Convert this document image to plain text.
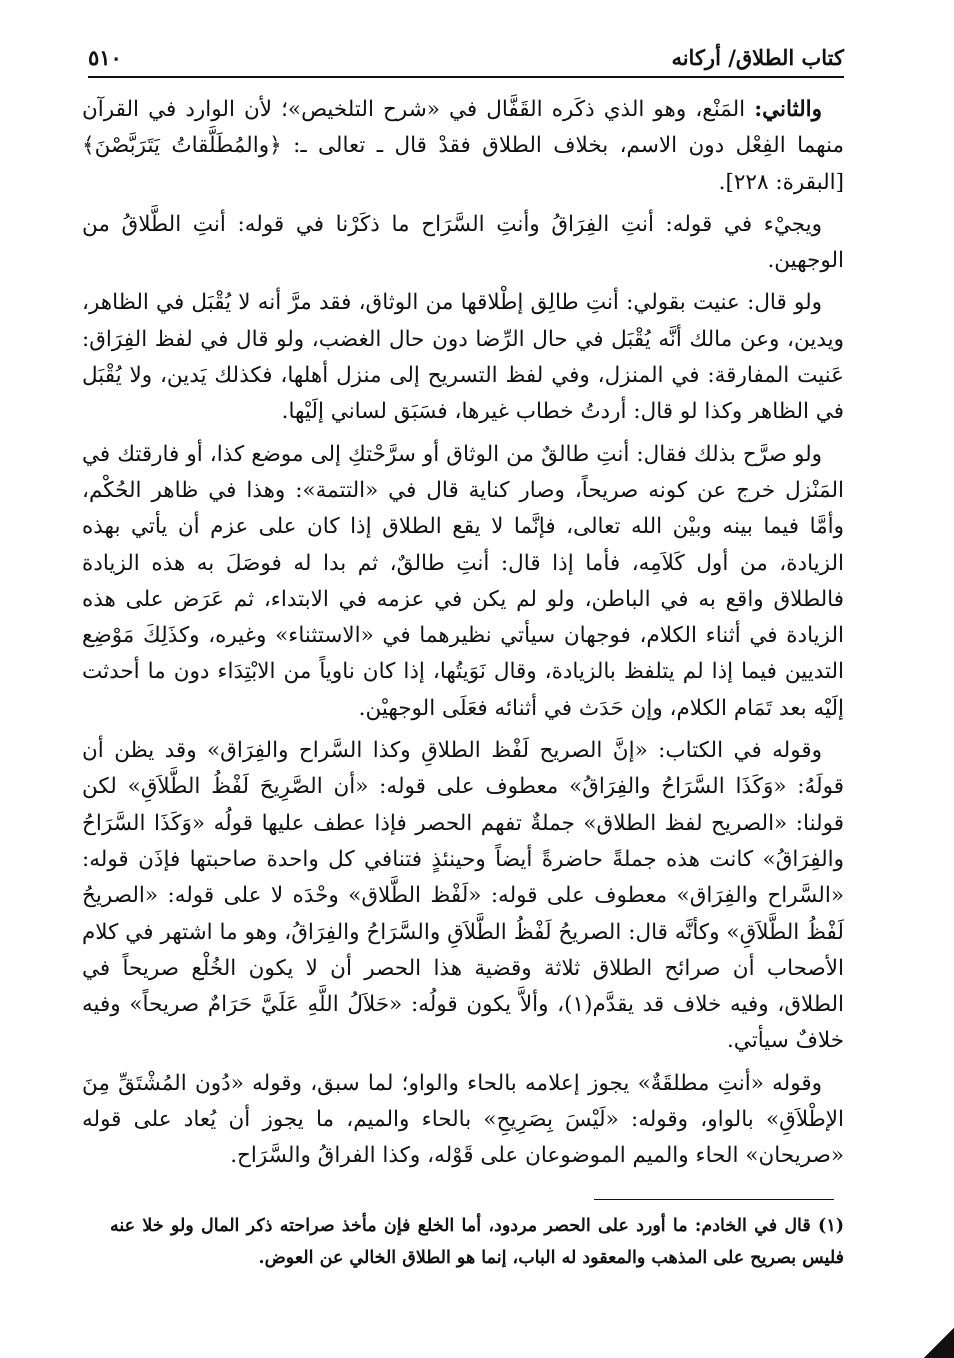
كتاب الطلاق/ أركانه
٥١٠

والثاني: المَنْع، وهو الذي ذكَره القَفَّال في «شرح التلخيص»؛ لأن الوارد في القرآن منهما الفِعْل دون الاسم، بخلاف الطلاق فقدْ قال ـ تعالى ـ: ﴿والمُطَلَّقاتُ يَتَرَبَّصْنَ﴾ [البقرة: ٢٢٨].

ويجيْء في قوله: أنتِ الفِرَاقُ وأنتِ السَّرَاح ما ذكَرْنا في قوله: أنتِ الطَّلاقُ من الوجهين.

ولو قال: عنيت بقولي: أنتِ طالِق إطْلاقها من الوثاق، فقد مرَّ أنه لا يُقْبَل في الظاهر، ويدين، وعن مالك أنَّه يُقْبَل في حال الرِّضا دون حال الغضب، ولو قال في لفظ الفِرَاق: عَنيت المفارقة: في المنزل، وفي لفظ التسريح إلى منزل أهلها، فكذلك يَدين، ولا يُقْبَل في الظاهر وكذا لو قال: أردتُ خطاب غيرها، فسَبَق لساني إلَيْها.

ولو صرَّح بذلك فقال: أنتِ طالقٌ من الوثاق أو سرَّحْتكِ إلى موضع كذا، أو فارقتك في المَنْزل خرج عن كونه صريحاً، وصار كناية قال في «التتمة»: وهذا في ظاهر الحُكْم، وأمَّا فيما بينه وبيْن الله تعالى، فإنَّما لا يقع الطلاق إذا كان على عزم أن يأتي بهذه الزيادة، من أول كَلاَمِه، فأما إذا قال: أنتِ طالقٌ، ثم بدا له فوصَلَ به هذه الزيادة فالطلاق واقع به في الباطن، ولو لم يكن في عزمه في الابتداء، ثم عَرَض على هذه الزيادة في أثناء الكلام، فوجهان سيأتي نظيرهما في «الاستثناء» وغيره، وكذَلِكَ مَوْضِع التديين فيما إذا لم يتلفظ بالزيادة، وقال نَوَيتُها، إذا كان ناوياً من الابْتِدَاء دون ما أحدثت إلَيْه بعد تَمَام الكلام، وإن حَدَث في أثنائه فعَلَى الوجهيْن.

وقوله في الكتاب: «إنَّ الصريح لَفْظ الطلاقِ وكذا السَّراح والفِرَاق» وقد يظن أن قولَهُ: «وَكَذَا السَّرَاحُ والفِرَاقُ» معطوف على قوله: «أن الصَّرِيحَ لَفْظُ الطَّلاَقِ» لكن قولنا: «الصريح لفظ الطلاق» جملةٌ تفهم الحصر فإذا عطف عليها قولُه «وَكَذَا السَّرَاحُ والفِرَاقُ» كانت هذه جملةً حاضرةً أيضاً وحينئذٍ فتنافي كل واحدة صاحبتها فإذَن قوله: «السَّراح والفِرَاق» معطوف على قوله: «لَفْظ الطَّلاق» وحْدَه لا على قوله: «الصريحُ لَفْظُ الطَّلاَقِ» وكأنَّه قال: الصريحُ لَفْظُ الطَّلاَقِ والسَّرَاحُ والفِرَاقُ، وهو ما اشتهر في كلام الأصحاب أن صرائح الطلاق ثلاثة وقضية هذا الحصر أن لا يكون الخُلْع صريحاً في الطلاق، وفيه خلاف قد يقدَّم(١)، وألاَّ يكون قولُه: «حَلاَلُ اللَّهِ عَلَيَّ حَرَامٌ صريحاً» وفيه خلافٌ سيأتي.

وقوله «أنتِ مطلقَةٌ» يجوز إعلامه بالحاء والواو؛ لما سبق، وقوله «دُون المُشْتَقِّ مِنَ الإطْلاَقِ» بالواو، وقوله: «لَيْسَ بِصَرِيحِ» بالحاء والميم، ما يجوز أن يُعاد على قوله «صريحان» الحاء والميم الموضوعان على قَوْله، وكذا الفراقُ والسَّرَاح.

(١) قال في الخادم: ما أورد على الحصر مردود، أما الخلع فإن مأخذ صراحته ذكر المال ولو خلا عنه فليس بصريح على المذهب والمعقود له الباب، إنما هو الطلاق الخالي عن العوض.
